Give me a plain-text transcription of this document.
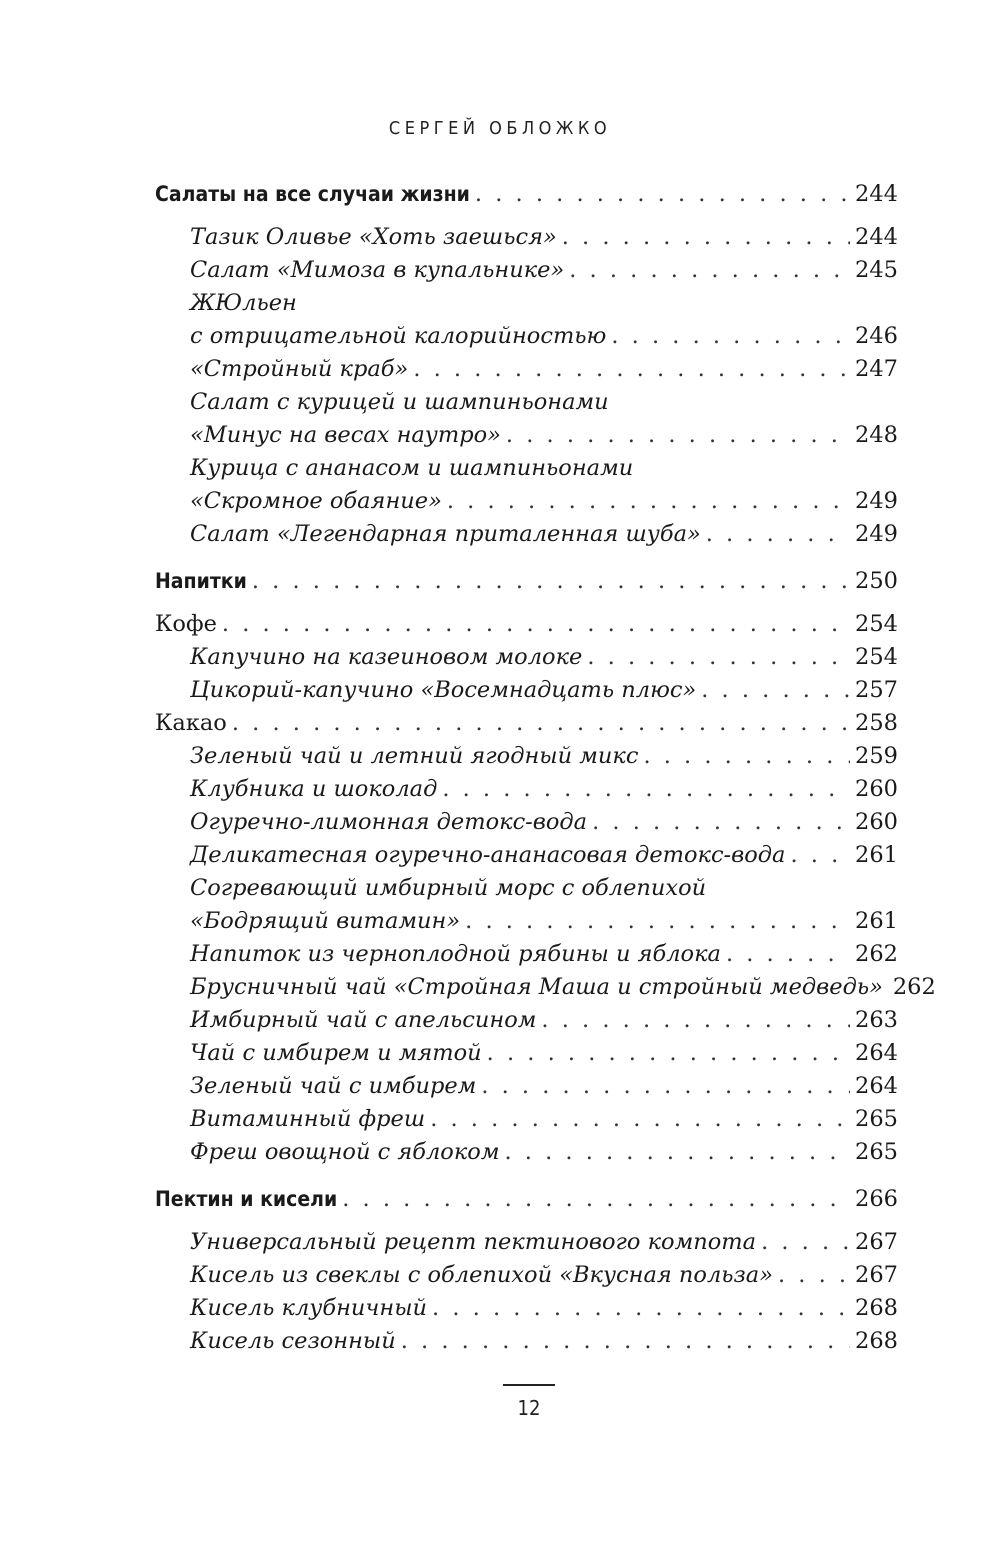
СЕРГЕЙ ОБЛОЖКО
Салаты на все случаи жизни . . .	244
Тазик Оливье «Хоть заешься» . . .	244
Салат «Мимоза в купальнике» . . .	245
ЖЮльен
с отрицательной калорийностью . . .	246
«Стройный краб» . . .	247
Салат с курицей и шампиньонами
«Минус на весах наутро» . . .	248
Курица с ананасом и шампиньонами
«Скромное обаяние» . . .	249
Салат «Легендарная приталенная шуба» . . .	249
Напитки . . .	250
Кофе . . .	254
Капучино на казеиновом молоке . . .	254
Цикорий-капучино «Восемнадцать плюс» . . .	257
Какао . . .	258
Зеленый чай и летний ягодный микс . . .	259
Клубника и шоколад . . .	260
Огуречно-лимонная детокс-вода . . .	260
Деликатесная огуречно-ананасовая детокс-вода . . .	261
Согревающий имбирный морс с облепихой
«Бодрящий витамин» . . .	261
Напиток из черноплодной рябины и яблока . . .	262
Брусничный чай «Стройная Маша и стройный медведь» 262
Имбирный чай с апельсином . . .	263
Чай с имбирем и мятой . . .	264
Зеленый чай с имбирем . . .	264
Витаминный фреш . . .	265
Фреш овощной с яблоком . . .	265
Пектин и кисели . . .	266
Универсальный рецепт пектинового компота . . .	267
Кисель из свеклы с облепихой «Вкусная польза» . . .	267
Кисель клубничный . . .	268
Кисель сезонный . . .	268
12
